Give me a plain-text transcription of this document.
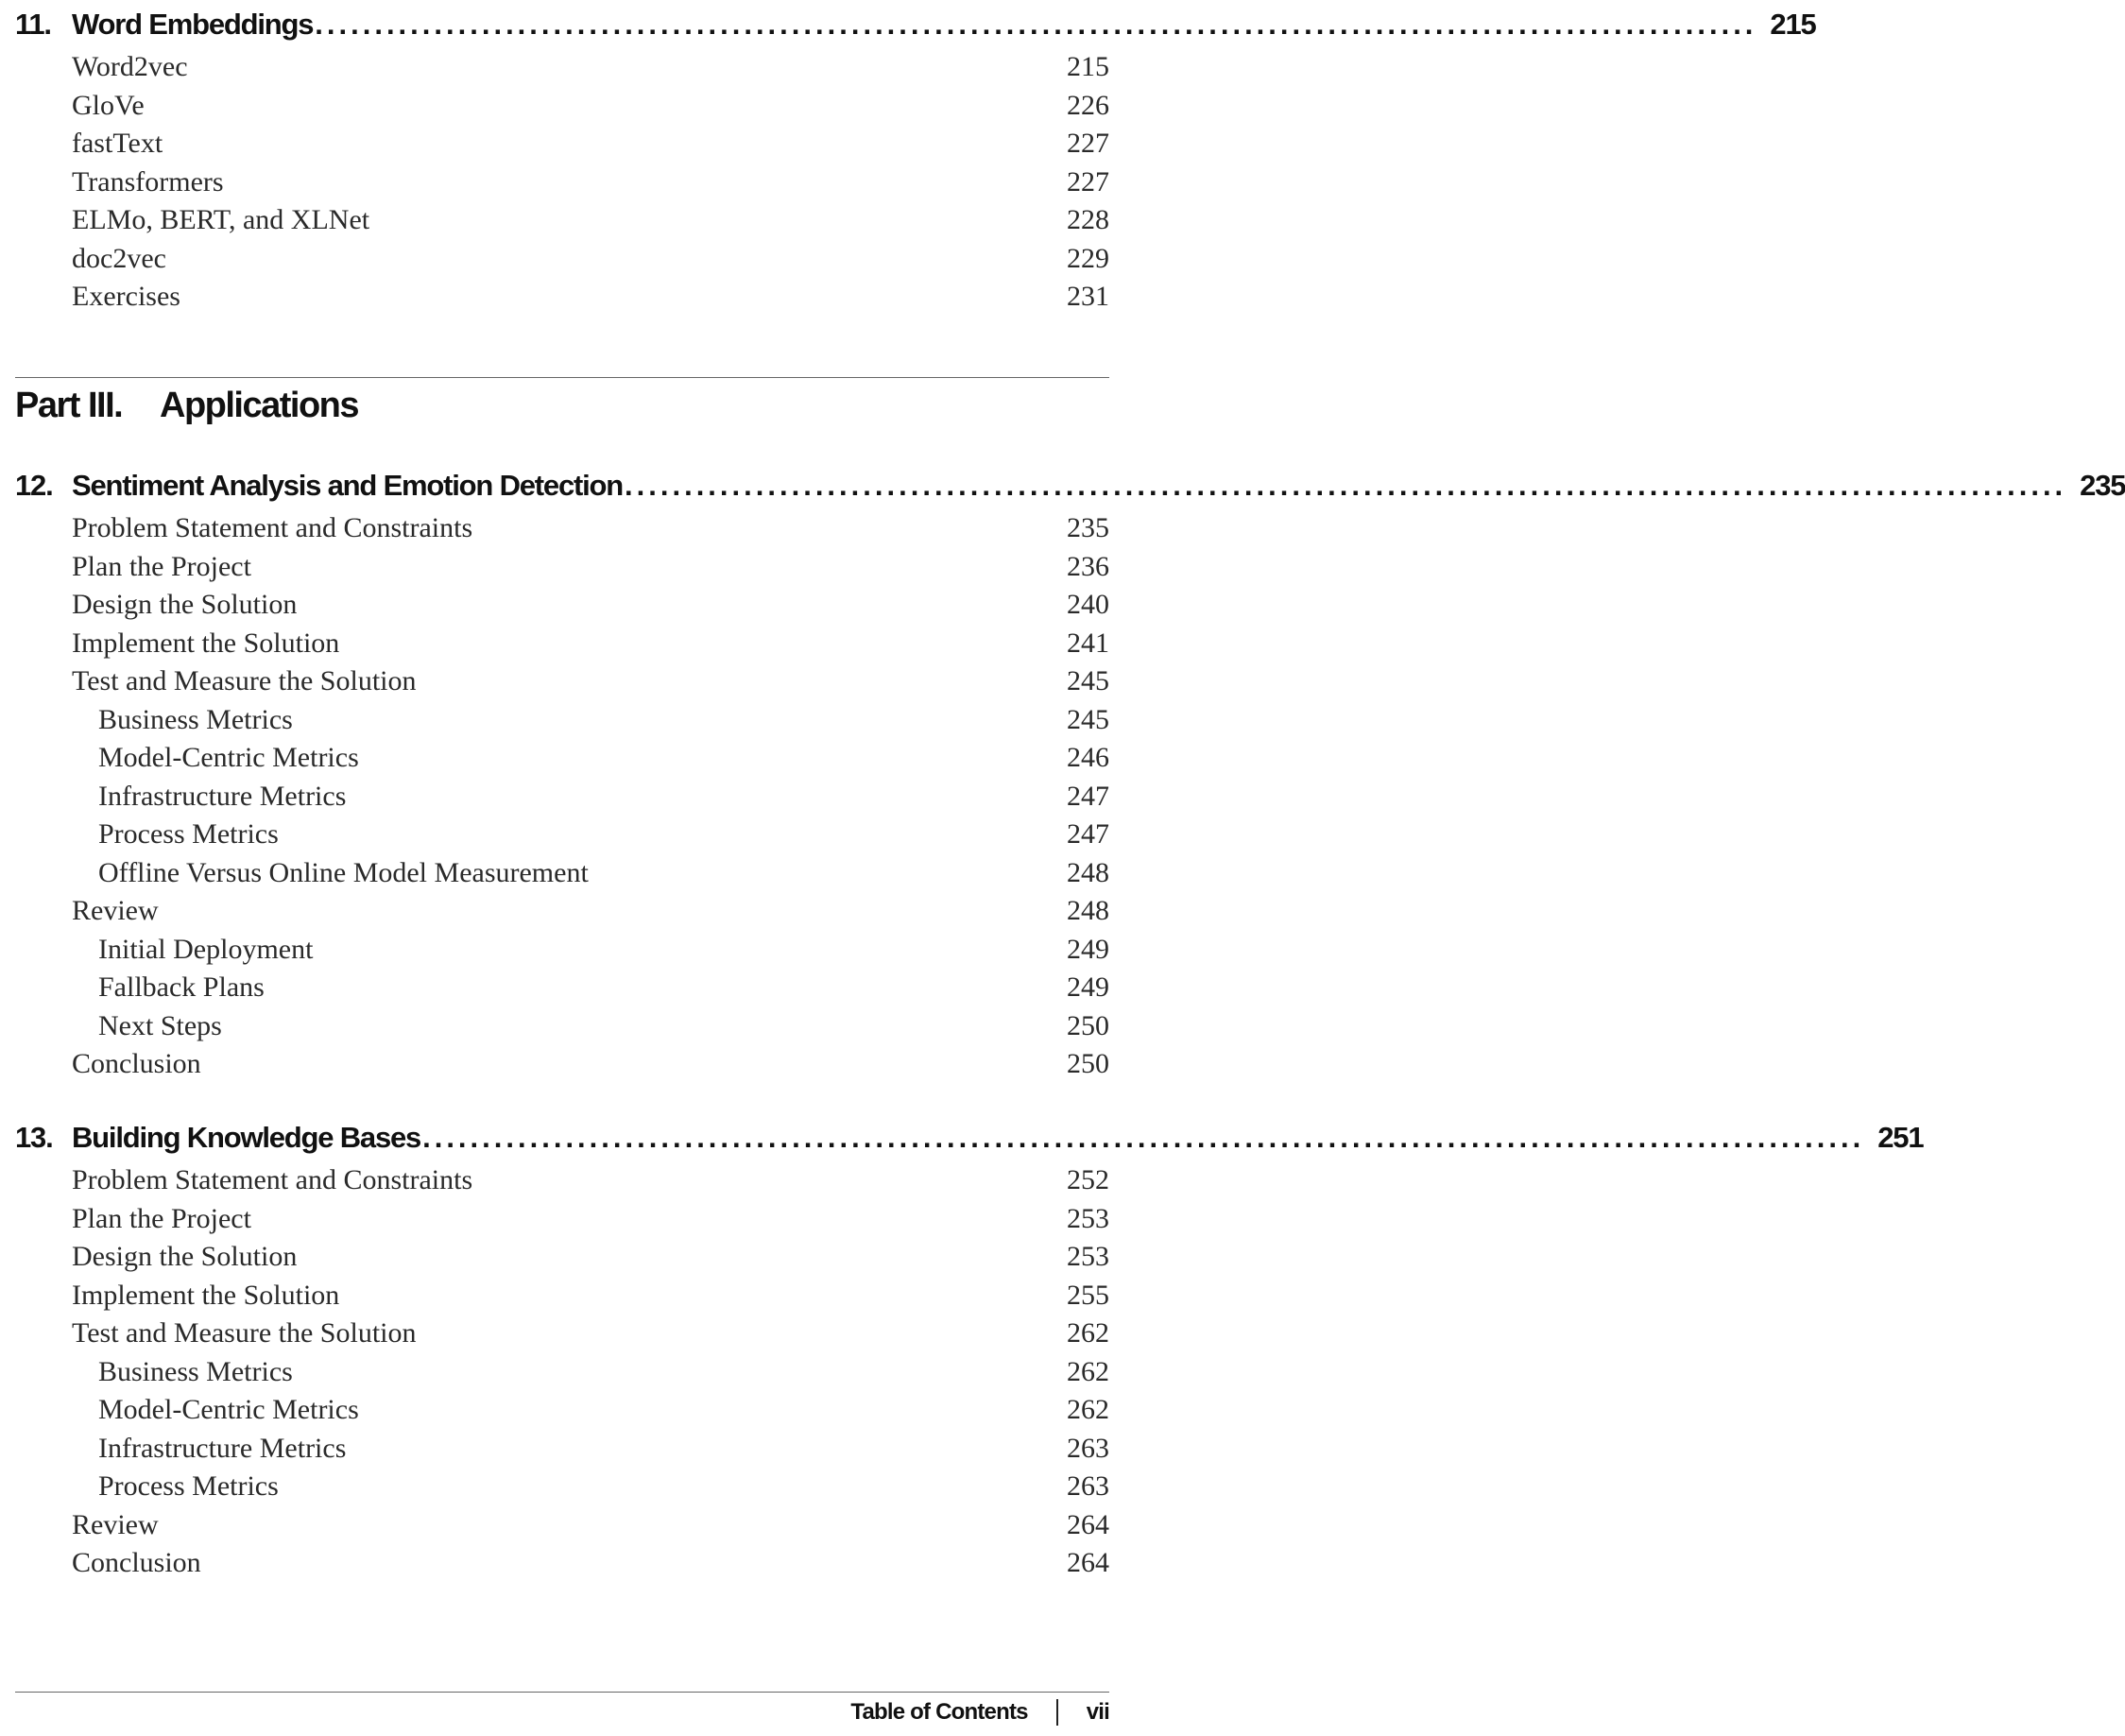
11. Word Embeddings ......................................................................................................................... 215
Word2vec	215
GloVe	226
fastText	227
Transformers	227
ELMo, BERT, and XLNet	228
doc2vec	229
Exercises	231
Part III.	Applications
12. Sentiment Analysis and Emotion Detection ......................................................................................................................... 235
Problem Statement and Constraints	235
Plan the Project	236
Design the Solution	240
Implement the Solution	241
Test and Measure the Solution	245
Business Metrics	245
Model-Centric Metrics	246
Infrastructure Metrics	247
Process Metrics	247
Offline Versus Online Model Measurement	248
Review	248
Initial Deployment	249
Fallback Plans	249
Next Steps	250
Conclusion	250
13. Building Knowledge Bases ......................................................................................................................... 251
Problem Statement and Constraints	252
Plan the Project	253
Design the Solution	253
Implement the Solution	255
Test and Measure the Solution	262
Business Metrics	262
Model-Centric Metrics	262
Infrastructure Metrics	263
Process Metrics	263
Review	264
Conclusion	264
Table of Contents	vii
